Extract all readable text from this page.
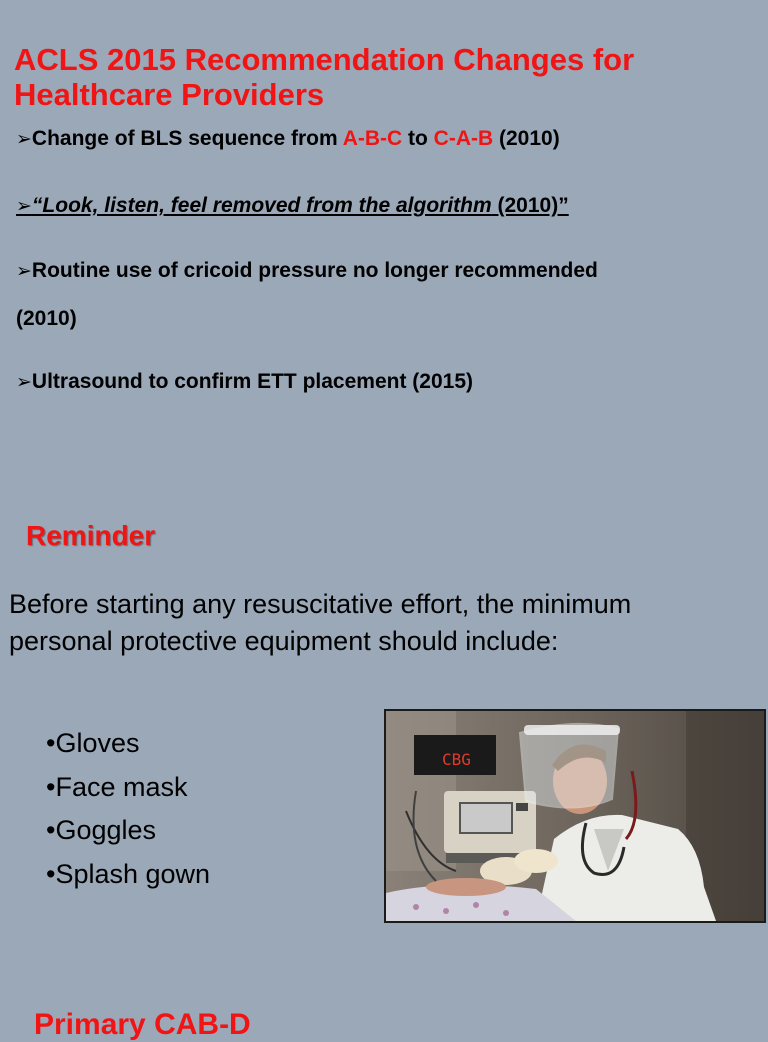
ACLS 2015 Recommendation Changes for Healthcare Providers
➢Change of BLS sequence from A-B-C to C-A-B (2010)
➢“Look, listen, feel removed from the algorithm (2010)”
➢Routine use of cricoid pressure no longer recommended
(2010)
➢Ultrasound to confirm ETT placement (2015)
Reminder
Before starting any resuscitative effort, the minimum personal protective equipment should include:
•Gloves
•Face mask
•Goggles
•Splash gown
CBG
Primary CAB-D
